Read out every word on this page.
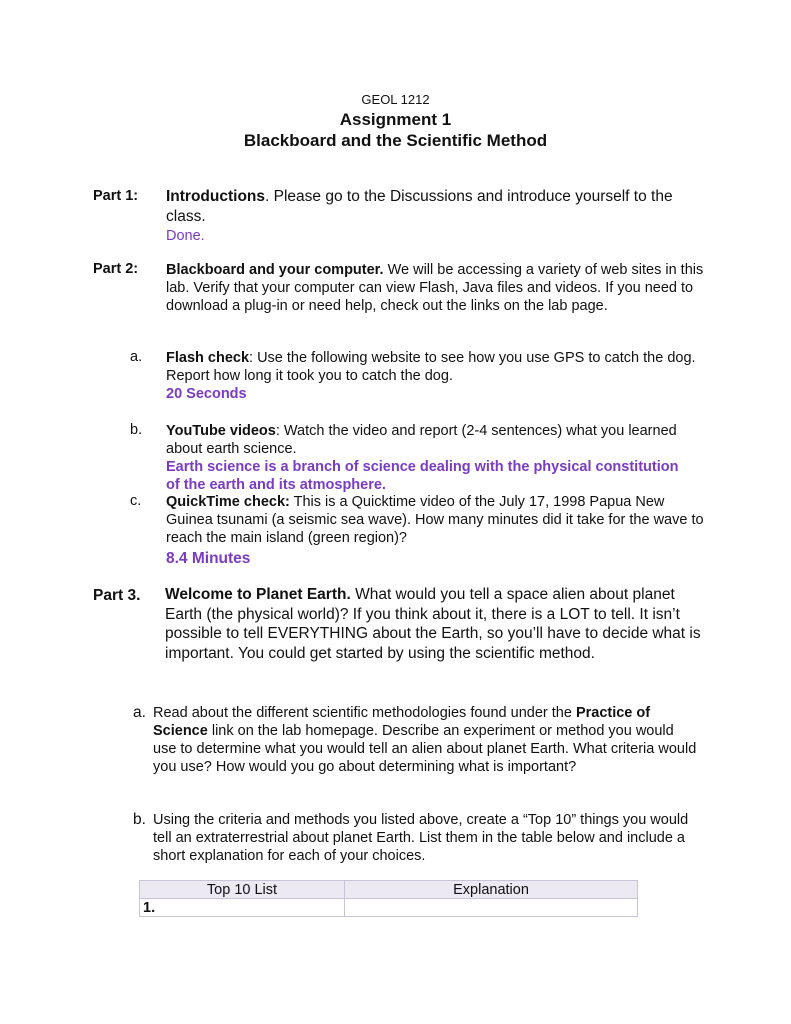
GEOL 1212
Assignment 1
Blackboard and the Scientific Method
Part 1: Introductions. Please go to the Discussions and introduce yourself to the class.
Done.
Part 2: Blackboard and your computer. We will be accessing a variety of web sites in this lab. Verify that your computer can view Flash, Java files and videos. If you need to download a plug-in or need help, check out the links on the lab page.
a. Flash check: Use the following website to see how you use GPS to catch the dog. Report how long it took you to catch the dog.
20 Seconds
b. YouTube videos: Watch the video and report (2-4 sentences) what you learned about earth science.
Earth science is a branch of science dealing with the physical constitution of the earth and its atmosphere.
c. QuickTime check: This is a Quicktime video of the July 17, 1998 Papua New Guinea tsunami (a seismic sea wave). How many minutes did it take for the wave to reach the main island (green region)?
8.4 Minutes
Part 3. Welcome to Planet Earth. What would you tell a space alien about planet Earth (the physical world)? If you think about it, there is a LOT to tell. It isn’t possible to tell EVERYTHING about the Earth, so you’ll have to decide what is important. You could get started by using the scientific method.
a. Read about the different scientific methodologies found under the Practice of Science link on the lab homepage. Describe an experiment or method you would use to determine what you would tell an alien about planet Earth. What criteria would you use? How would you go about determining what is important?
b. Using the criteria and methods you listed above, create a “Top 10” things you would tell an extraterrestrial about planet Earth. List them in the table below and include a short explanation for each of your choices.
Top 10 List	Explanation
1.	
